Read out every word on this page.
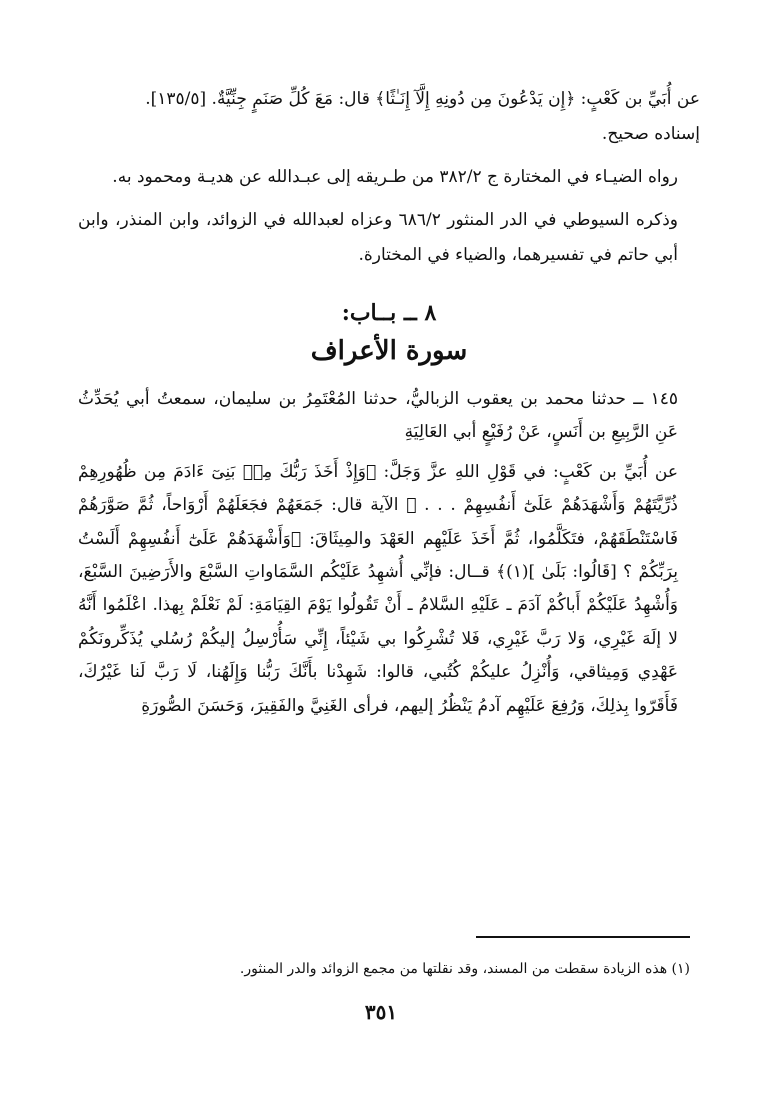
عن أُبَيِّ بن كَعْبٍ: ﴿إِن يَدْعُونَ مِن دُونِهِ إِلَّآ إِنَـٰثًا﴾ قال: مَعَ كُلِّ صَنَمٍ جِنِّيَّةٌ. [١٣٥/٥].

إسناده صحيح.

رواه الضيـاء في المختارة ج ٣٨٢/٢ من طـريقه إلى عبـدالله عن هديـة ومحمود به.

وذكره السيوطي في الدر المنثور ٦٨٦/٢ وعزاه لعبدالله في الزوائد، وابن المنذر، وابن أبي حاتم في تفسيرهما، والضياء في المختارة.

٨ ــ بــاب:
سورة الأعراف

١٤٥ ــ حدثنا محمد بن يعقوب الزباليُّ، حدثنا المُعْتَمِرُ بن سليمان، سمعتُ أبي يُحَدِّثُ عَنِ الرَّبِيعِ بن أَنَسٍ، عَنْ رُفَيْعٍ أبي العَالِيَةِ

عن أُبَيِّ بن كَعْبٍ: في قَوْلِ اللهِ عزَّ وَجَلَّ: ﴿وَإِذْ أَخَذَ رَبُّكَ مِنۢ بَنِىٓ ءَادَمَ مِن ظُهُورِهِمْ ذُرِّيَّتَهُمْ وَأَشْهَدَهُمْ عَلَىٰٓ أَنفُسِهِمْ . . . ﴾ الآية قال: جَمَعَهُمْ فجَعَلَهُمْ أَرْوَاحاً، ثُمَّ صَوَّرَهُمْ فَاسْتَنْطَقَهُمْ، فتَكَلَّمُوا، ثُمَّ أَخَذَ عَلَيْهِم العَهْدَ والمِيثَاقَ: ﴿وَأَشْهَدَهُمْ عَلَىٰٓ أَنفُسِهِمْ أَلَسْتُ بِرَبِّكُمْ ؟ [قَالُوا: بَلَىٰ ](١)﴾ قــال: فإنِّي أُشهِدُ عَلَيْكُم السَّمَاواتِ السَّبْعَ والأَرَضِينَ السَّبْعَ، وَأُشْهِدُ عَلَيْكُمْ أَباكُمْ آدَمَ ـ عَلَيْهِ السَّلامُ ـ أَنْ تَقُولُوا يَوْمَ القِيَامَةِ: لَمْ نَعْلَمْ بِهذا. اعْلَمُوا أَنَّهُ لا إلَهَ غَيْرِي، وَلا رَبَّ غَيْرِي، فَلا تُشْرِكُوا بي شَيْئاً، إِنِّي سَأُرْسِلُ إليكُمْ رُسُلي يُذَكِّرونَكُمْ عَهْدِي وَمِيثاقي، وَأُنْزِلُ عليكُمْ كُتُبي، قالوا: شَهِدْنا بأَنَّكَ رَبُّنا وَإِلَهُنا، لَا رَبَّ لَنا غَيْرُكَ، فَأَقَرّوا بِذلِكَ، وَرُفِعَ عَلَيْهِم آدمُ يَنْظُرُ إليهم، فرأى الغَنِيَّ والفَقِيرَ، وَحَسَنَ الصُّورَةِ

(١) هذه الزيادة سقطت من المسند، وقد نقلتها من مجمع الزوائد والدر المنثور.
٣٥١
